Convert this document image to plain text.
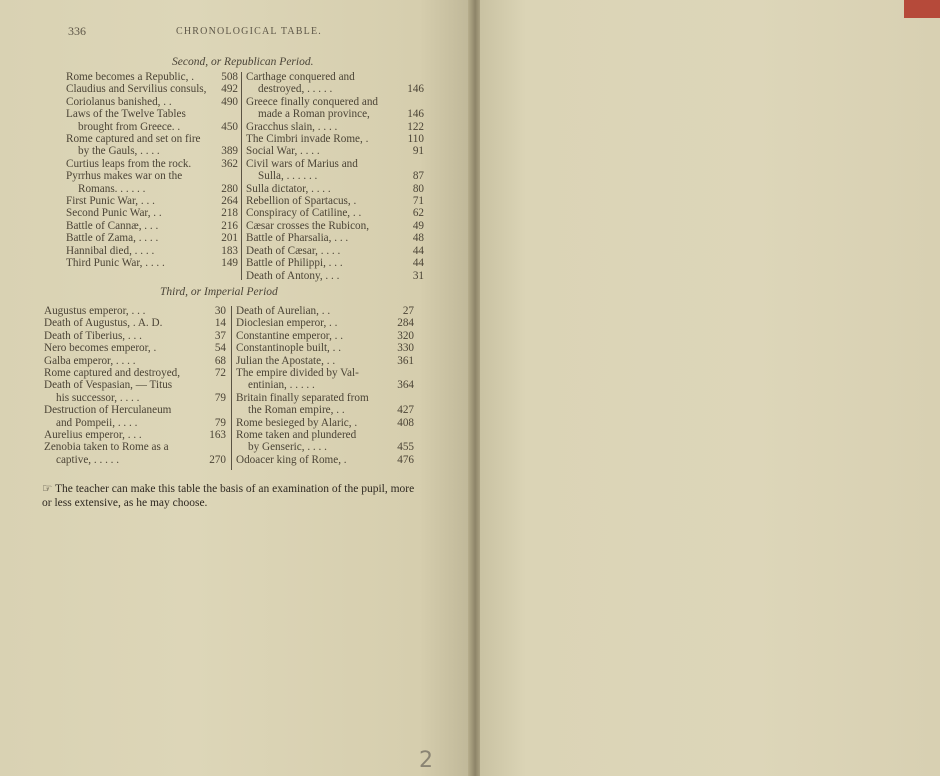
336	CHRONOLOGICAL TABLE.
Second, or Republican Period.
Rome becomes a Republic, . 508
Claudius and Servilius consuls, 492
Coriolanus banished, . .	490
Laws of the Twelve Tables
brought from Greece. .	450
Rome captured and set on fire
by the Gauls, . . . .	389
Curtius leaps from the rock.	362
Pyrrhus makes war on the
Romans. . . . . .	280
First Punic War, . . .	264
Second Punic War, . .	218
Battle of Cannæ, . . .	216
Battle of Zama, . . . .	201
Hannibal died, . . . .	183
Third Punic War, . . . .	149
Carthage conquered and
destroyed, . . . . .	146
Greece finally conquered and
made a Roman province,	146
Gracchus slain, . . . .	122
The Cimbri invade Rome, .	110
Social War, . . . .	91
Civil wars of Marius and
Sulla, . . . . . .	87
Sulla dictator, . . . .	80
Rebellion of Spartacus, .	71
Conspiracy of Catiline, . .	62
Cæsar crosses the Rubicon,	49
Battle of Pharsalia, . . .	48
Death of Cæsar, . . . .	44
Battle of Philippi, . . .	44
Death of Antony, . . .	31
Third, or Imperial Period
Augustus emperor, . . .	30
Death of Augustus, . A. D.	14
Death of Tiberius, . . .	37
Nero becomes emperor, .	54
Galba emperor, . . . .	68
Rome captured and destroyed,	72
Death of Vespasian, — Titus
his successor, . . . .	79
Destruction of Herculaneum
and Pompeii, . . . .	79
Aurelius emperor, . . .	163
Zenobia taken to Rome as a
captive, . . . . .	270
Death of Aurelian, . .	27
Dioclesian emperor, . .	284
Constantine emperor, . .	320
Constantinople built, . .	330
Julian the Apostate, . .	361
The empire divided by Val-
entinian, . . . . .	364
Britain finally separated from
the Roman empire, . .	427
Rome besieged by Alaric, .	408
Rome taken and plundered
by Genseric, . . . .	455
Odoacer king of Rome, .	476
☞ The teacher can make this table the basis of an examination of the pupil, more or less extensive, as he may choose.
2
